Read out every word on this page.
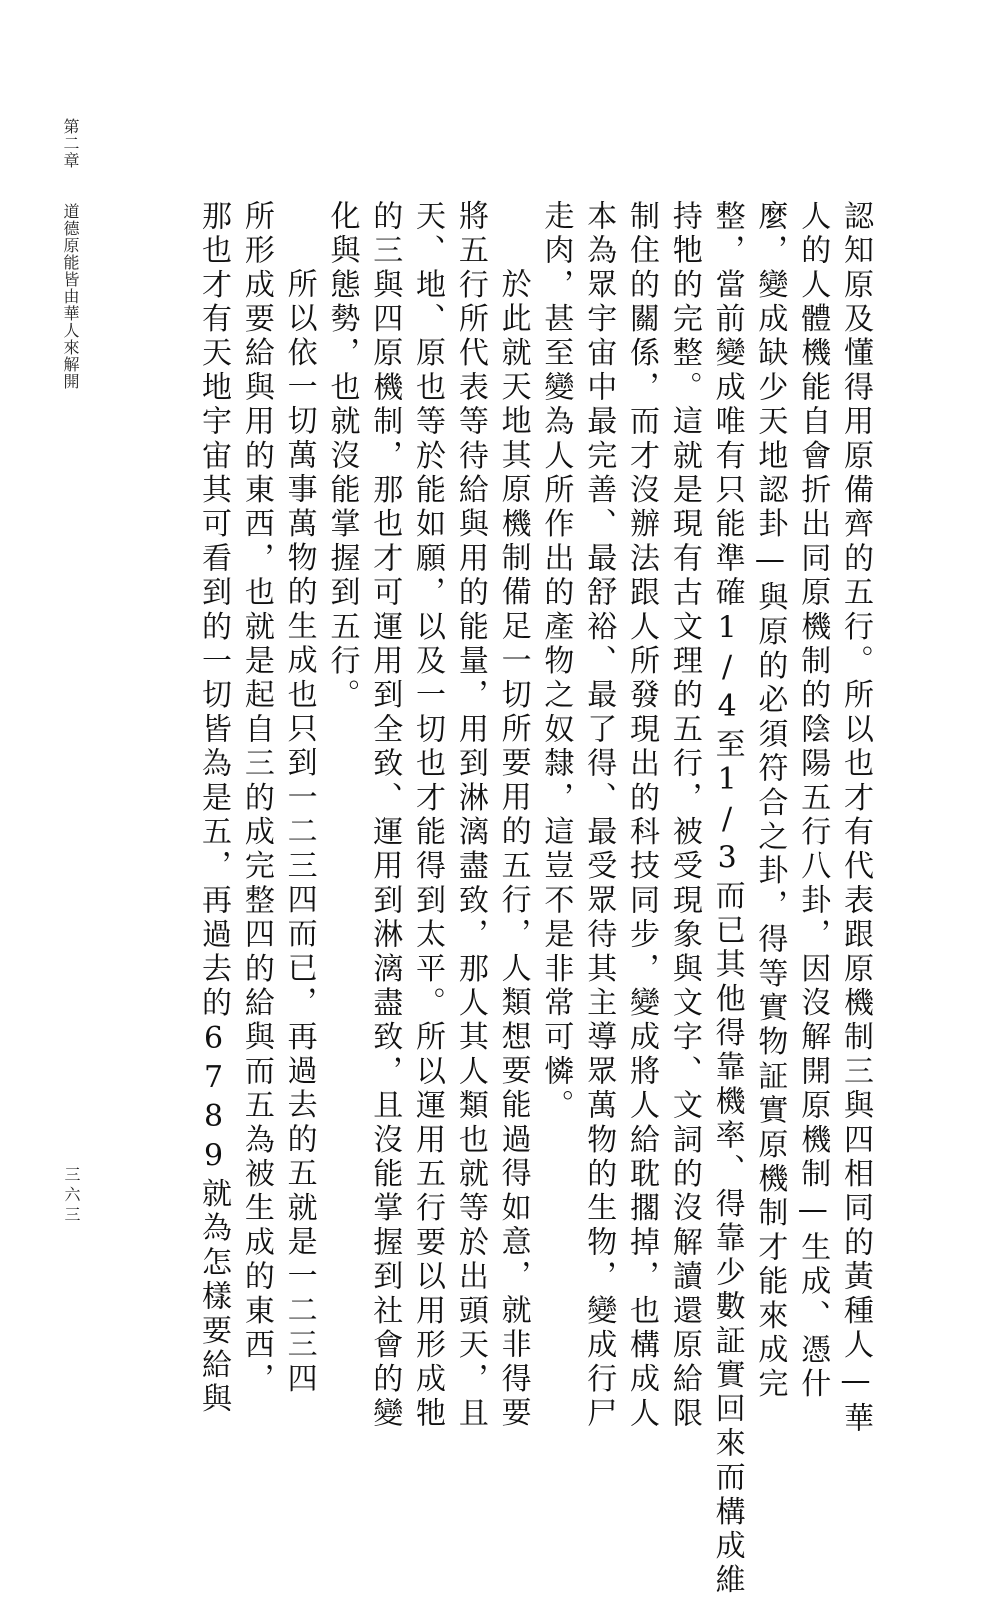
第二章　　道德原能皆由華人來解開
三六三	認知原及懂得用原備齊的五行。所以也才有代表跟原機制三與四相同的黃種人—華
人的人體機能自會折出同原機制的陰陽五行八卦，因沒解開原機制—生成、憑什
麼，變成缺少天地認卦—與原的必須符合之卦，得等實物証實原機制才能來成完
整，當前變成唯有只能準確1/4至1/3而已其他得靠機率、得靠少數証實回來而構成維
持牠的完整。這就是現有古文理的五行，被受現象與文字、文詞的沒解讀還原給限
制住的關係，而才沒辦法跟人所發現出的科技同步，變成將人給耽擱掉，也構成人
本為眾宇宙中最完善、最舒裕、最了得、最受眾待其主導眾萬物的生物，變成行尸
走肉，甚至變為人所作出的產物之奴隸，這豈不是非常可憐。
於此就天地其原機制備足一切所要用的五行，人類想要能過得如意，就非得要
將五行所代表等待給與用的能量，用到淋漓盡致，那人其人類也就等於出頭天，且
天、地、原也等於能如願，以及一切也才能得到太平。所以運用五行要以用形成牠
的三與四原機制，那也才可運用到全致、運用到淋漓盡致，且沒能掌握到社會的變
化與態勢，也就沒能掌握到五行。
所以依一切萬事萬物的生成也只到一二三四而已，再過去的五就是一二三四
所形成要給與用的東西，也就是起自三的成完整四的給與而五為被生成的東西，
那也才有天地宇宙其可看到的一切皆為是五，再過去的6789就為怎樣要給與
